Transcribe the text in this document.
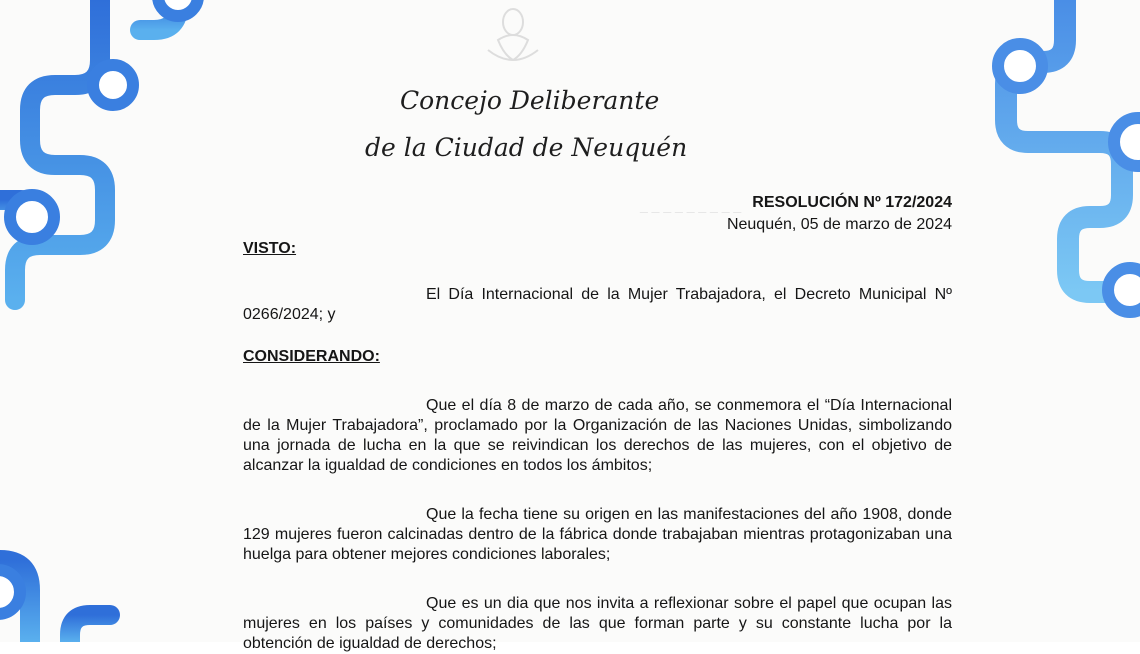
_ _ _ _ _ _ _ _ _

Concejo Deliberante

de la Ciudad de Neuquén

RESOLUCIÓN Nº 172/2024
Neuquén, 05 de marzo de 2024
VISTO:

El Día Internacional de la Mujer Trabajadora, el Decreto Municipal Nº 0266/2024; y

CONSIDERANDO:

Que el día 8 de marzo de cada año, se conmemora el “Día Internacional de la Mujer Trabajadora”, proclamado por la Organización de las Naciones Unidas, simbolizando una jornada de lucha en la que se reivindican los derechos de las mujeres, con el objetivo de alcanzar la igualdad de condiciones en todos los ámbitos;

Que la fecha tiene su origen en las manifestaciones del año 1908, donde 129 mujeres fueron calcinadas dentro de la fábrica donde trabajaban mientras protagonizaban una huelga para obtener mejores condiciones laborales;

Que es un dia que nos invita a reflexionar sobre el papel que ocupan las mujeres en los países y comunidades de las que forman parte y su constante lucha por la obtención de igualdad de derechos;
